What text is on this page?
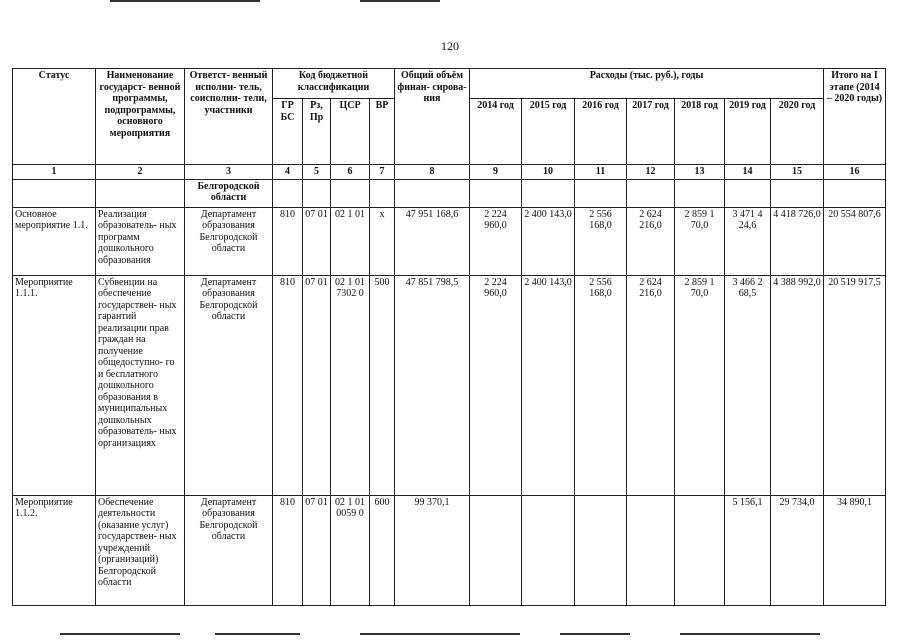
120
Статус	Наименование государст- венной программы, подпрограммы, основного мероприятия	Ответст- венный исполни- тель, соисполни- тели, участники	Код бюджетной классификации				Общий объём финан- сирова- ния	Расходы (тыс. руб.), годы							Итого на I этапе (2014 – 2020 годы)
			ГР БС	Рз, Пр	ЦСР	ВР		2014 год	2015 год	2016 год	2017 год	2018 год	2019 год	2020 год	
1	2	3	4	5	6	7	8	9	10	11	12	13	14	15	16
		Белгородской области													
Основное мероприятие 1.1.	Реализация образователь- ных программ дошкольного образования	Департамент образования Белгородской области	810	07 01	02 1 01	х	47 951 168,6	2 224 960,0	2 400 143,0	2 556 168,0	2 624 216,0	2 859 1 70,0	3 471 4 24,6	4 418 726,0	20 554 807,6
Мероприятие 1.1.1.	Субвенции на обеспечение государствен- ных гарантий реализации прав граждан на получение общедоступно- го и бесплатного дошкольного образования в муниципальных дошкольных образователь- ных организациях	Департамент образования Белгородской области	810	07 01	02 1 01 7302 0	500	47 851 798,5	2 224 960,0	2 400 143,0	2 556 168,0	2 624 216,0	2 859 1 70,0	3 466 2 68,5	4 388 992,0	20 519 917,5
Мероприятие 1.1.2.	Обеспечение деятельности (оказание услуг) государствен- ных учреждений (организаций) Белгородской области	Департамент образования Белгородской области	810	07 01	02 1 01 0059 0	600	99 370,1						5 156,1	29 734,0	34 890,1
